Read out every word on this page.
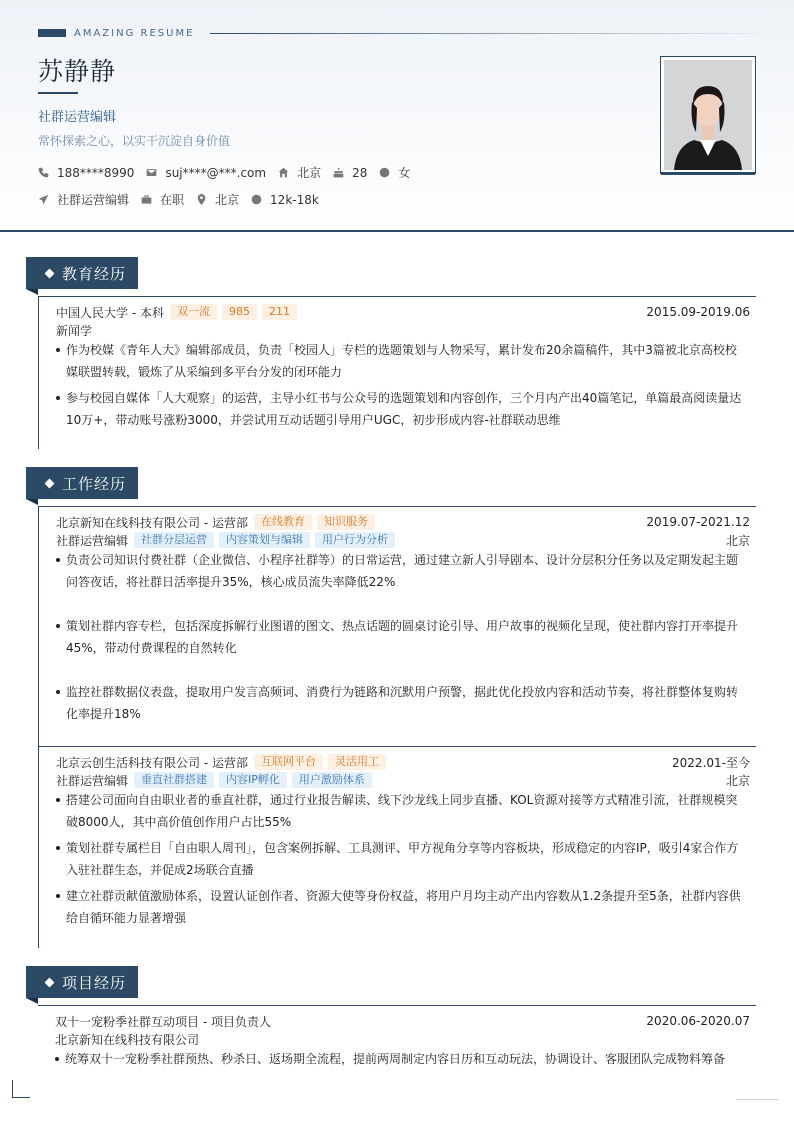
AMAZING RESUME
苏静静
社群运营编辑
常怀探索之心，以实干沉淀自身价值
188****8990	suj****@***.com	北京	28	女
社群运营编辑	在职	北京	12k-18k
教育经历
中国人民大学 - 本科	双一流	985	211	2015.09-2019.06
新闻学
作为校媒《青年人大》编辑部成员，负责「校园人」专栏的选题策划与人物采写，累计发布20余篇稿件，其中3篇被北京高校校媒联盟转载，锻炼了从采编到多平台分发的闭环能力
参与校园自媒体「人大观察」的运营，主导小红书与公众号的选题策划和内容创作，三个月内产出40篇笔记，单篇最高阅读量达10万+，带动账号涨粉3000，并尝试用互动话题引导用户UGC，初步形成内容-社群联动思维
工作经历
北京新知在线科技有限公司 - 运营部	在线教育	知识服务	2019.07-2021.12
社群运营编辑	社群分层运营	内容策划与编辑	用户行为分析	北京
负责公司知识付费社群（企业微信、小程序社群等）的日常运营，通过建立新人引导剧本、设计分层积分任务以及定期发起主题问答夜话，将社群日活率提升35%，核心成员流失率降低22%
策划社群内容专栏，包括深度拆解行业图谱的图文、热点话题的圆桌讨论引导、用户故事的视频化呈现，使社群内容打开率提升45%，带动付费课程的自然转化
监控社群数据仪表盘，提取用户发言高频词、消费行为链路和沉默用户预警，据此优化投放内容和活动节奏，将社群整体复购转化率提升18%
北京云创生活科技有限公司 - 运营部	互联网平台	灵活用工	2022.01-至今
社群运营编辑	垂直社群搭建	内容IP孵化	用户激励体系	北京
搭建公司面向自由职业者的垂直社群，通过行业报告解读、线下沙龙线上同步直播、KOL资源对接等方式精准引流，社群规模突破8000人，其中高价值创作用户占比55%
策划社群专属栏目「自由职人周刊」，包含案例拆解、工具测评、甲方视角分享等内容板块，形成稳定的内容IP，吸引4家合作方入驻社群生态，并促成2场联合直播
建立社群贡献值激励体系，设置认证创作者、资源大使等身份权益，将用户月均主动产出内容数从1.2条提升至5条，社群内容供给自循环能力显著增强
项目经历
双十一宠粉季社群互动项目 - 项目负责人	2020.06-2020.07
北京新知在线科技有限公司
统筹双十一宠粉季社群预热、秒杀日、返场期全流程，提前两周制定内容日历和互动玩法，协调设计、客服团队完成物料筹备
